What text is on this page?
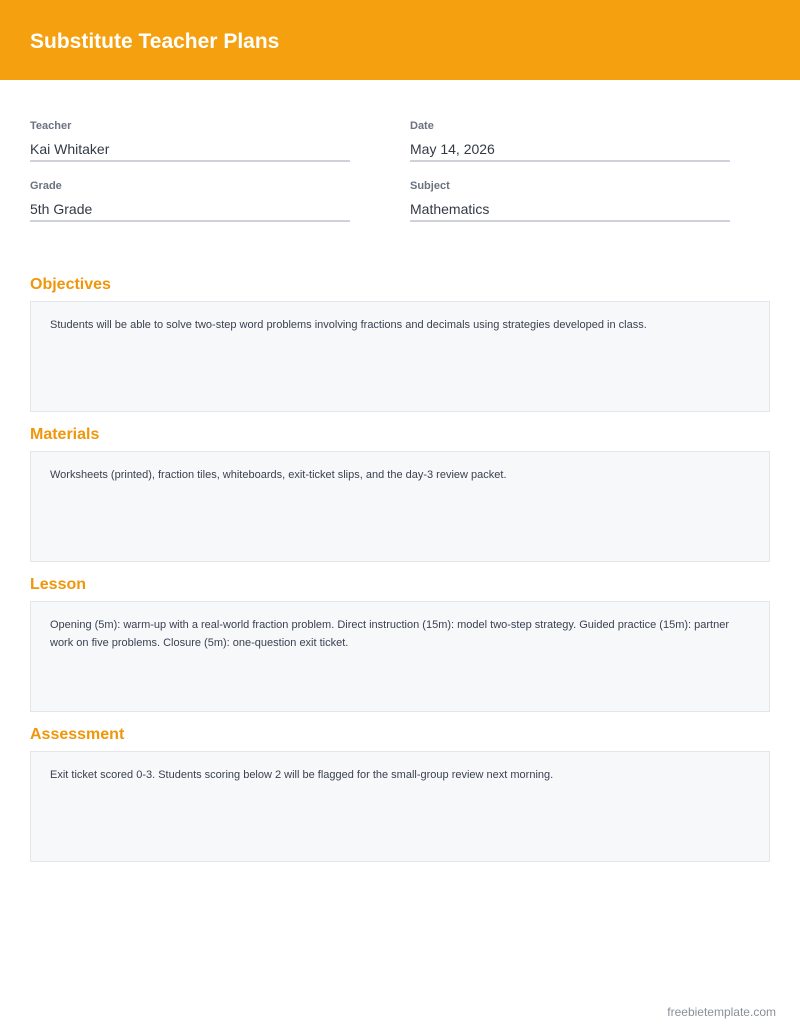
Substitute Teacher Plans
Teacher
Kai Whitaker
Date
May 14, 2026
Grade
5th Grade
Subject
Mathematics
Objectives
Students will be able to solve two-step word problems involving fractions and decimals using strategies developed in class.
Materials
Worksheets (printed), fraction tiles, whiteboards, exit-ticket slips, and the day-3 review packet.
Lesson
Opening (5m): warm-up with a real-world fraction problem. Direct instruction (15m): model two-step strategy. Guided practice (15m): partner work on five problems. Closure (5m): one-question exit ticket.
Assessment
Exit ticket scored 0-3. Students scoring below 2 will be flagged for the small-group review next morning.
freebietemplate.com
